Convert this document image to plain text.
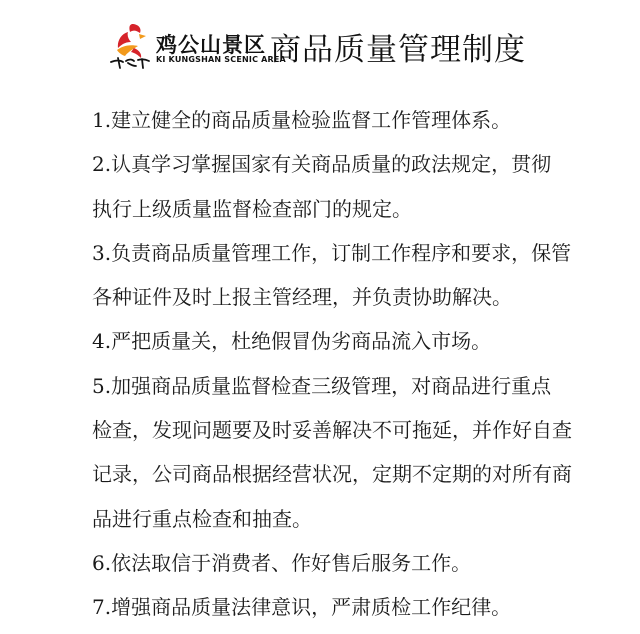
鸡公山景区
KI KUNGSHAN SCENIC AREA
商品质量管理制度
1.建立健全的商品质量检验监督工作管理体系。
2.认真学习掌握国家有关商品质量的政法规定，贯彻
执行上级质量监督检查部门的规定。
3.负责商品质量管理工作，订制工作程序和要求，保管
各种证件及时上报主管经理，并负责协助解决。
4.严把质量关，杜绝假冒伪劣商品流入市场。
5.加强商品质量监督检查三级管理，对商品进行重点
检查，发现问题要及时妥善解决不可拖延，并作好自查
记录，公司商品根据经营状况，定期不定期的对所有商
品进行重点检查和抽查。
6.依法取信于消费者、作好售后服务工作。
7.增强商品质量法律意识，严肃质检工作纪律。
